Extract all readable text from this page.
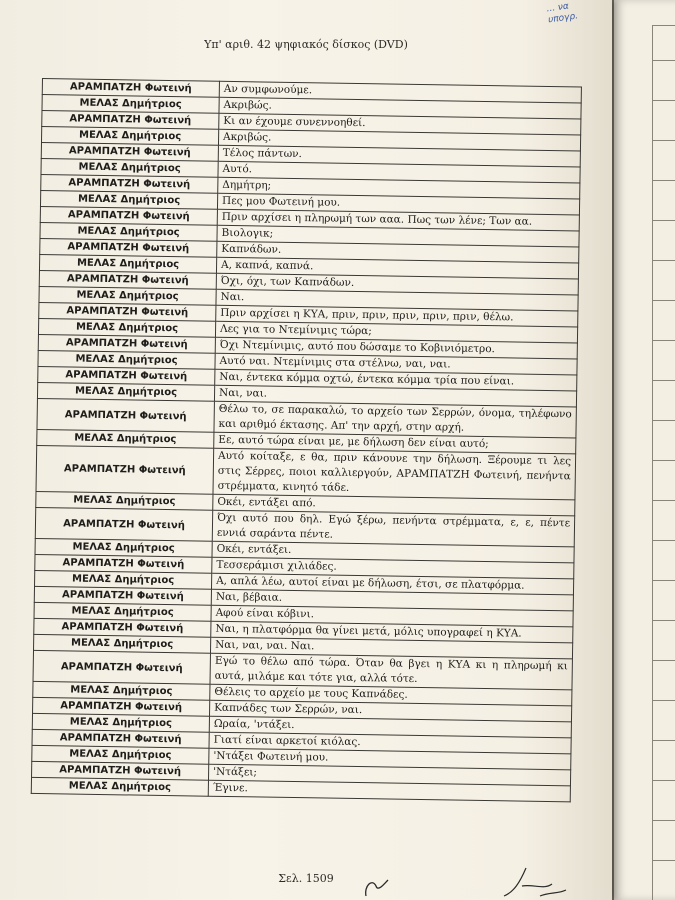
... να
υπογρ.
Υπ' αριθ. 42 ψηφιακός δίσκος (DVD)
ΑΡΑΜΠΑΤΖΗ Φωτεινή	Αν συμφωνούμε.
ΜΕΛΑΣ Δημήτριος	Ακριβώς.
ΑΡΑΜΠΑΤΖΗ Φωτεινή	Κι αν έχουμε συνεννοηθεί.
ΜΕΛΑΣ Δημήτριος	Ακριβώς.
ΑΡΑΜΠΑΤΖΗ Φωτεινή	Τέλος πάντων.
ΜΕΛΑΣ Δημήτριος	Αυτό.
ΑΡΑΜΠΑΤΖΗ Φωτεινή	Δημήτρη;
ΜΕΛΑΣ Δημήτριος	Πες μου Φωτεινή μου.
ΑΡΑΜΠΑΤΖΗ Φωτεινή	Πριν αρχίσει η πληρωμή των ααα. Πως των λένε; Των αα.
ΜΕΛΑΣ Δημήτριος	Βιολογικ;
ΑΡΑΜΠΑΤΖΗ Φωτεινή	Καπνάδων.
ΜΕΛΑΣ Δημήτριος	Α, καπνά, καπνά.
ΑΡΑΜΠΑΤΖΗ Φωτεινή	Όχι, όχι, των Καπνάδων.
ΜΕΛΑΣ Δημήτριος	Ναι.
ΑΡΑΜΠΑΤΖΗ Φωτεινή	Πριν αρχίσει η ΚΥΑ, πριν, πριν, πριν, πριν, πριν, θέλω.
ΜΕΛΑΣ Δημήτριος	Λες για το Ντεμίνιμις τώρα;
ΑΡΑΜΠΑΤΖΗ Φωτεινή	Όχι Ντεμίνιμις, αυτό που δώσαμε το Κοβινιόμετρο.
ΜΕΛΑΣ Δημήτριος	Αυτό ναι. Ντεμίνιμις στα στέλνω, ναι, ναι.
ΑΡΑΜΠΑΤΖΗ Φωτεινή	Ναι, έντεκα κόμμα οχτώ, έντεκα κόμμα τρία που είναι.
ΜΕΛΑΣ Δημήτριος	Ναι, ναι.
ΑΡΑΜΠΑΤΖΗ Φωτεινή	Θέλω το, σε παρακαλώ, το αρχείο των Σερρών, όνομα, τηλέφωνο και αριθμό έκτασης. Απ' την αρχή, στην αρχή.
ΜΕΛΑΣ Δημήτριος	Εε, αυτό τώρα είναι με, με δήλωση δεν είναι αυτό;
ΑΡΑΜΠΑΤΖΗ Φωτεινή	Αυτό κοίταξε, ε θα, πριν κάνουνε την δήλωση. Ξέρουμε τι λες στις Σέρρες, ποιοι καλλιεργούν, ΑΡΑΜΠΑΤΖΗ Φωτεινή, πενήντα στρέμματα, κινητό τάδε.
ΜΕΛΑΣ Δημήτριος	Οκέι, εντάξει από.
ΑΡΑΜΠΑΤΖΗ Φωτεινή	Όχι αυτό που δηλ. Εγώ ξέρω, πενήντα στρέμματα, ε, ε, πέντε εννιά σαράντα πέντε.
ΜΕΛΑΣ Δημήτριος	Οκέι, εντάξει.
ΑΡΑΜΠΑΤΖΗ Φωτεινή	Τεσσεράμισι χιλιάδες.
ΜΕΛΑΣ Δημήτριος	Α, απλά λέω, αυτοί είναι με δήλωση, έτσι, σε πλατφόρμα.
ΑΡΑΜΠΑΤΖΗ Φωτεινή	Ναι, βέβαια.
ΜΕΛΑΣ Δημήτριος	Αφού είναι κόβινι.
ΑΡΑΜΠΑΤΖΗ Φωτεινή	Ναι, η πλατφόρμα θα γίνει μετά, μόλις υπογραφεί η ΚΥΑ.
ΜΕΛΑΣ Δημήτριος	Ναι, ναι, ναι. Ναι.
ΑΡΑΜΠΑΤΖΗ Φωτεινή	Εγώ το θέλω από τώρα. Όταν θα βγει η ΚΥΑ κι η πληρωμή κι αυτά, μιλάμε και τότε για, αλλά τότε.
ΜΕΛΑΣ Δημήτριος	Θέλεις το αρχείο με τους Καπνάδες.
ΑΡΑΜΠΑΤΖΗ Φωτεινή	Καπνάδες των Σερρών, ναι.
ΜΕΛΑΣ Δημήτριος	Ωραία, 'ντάξει.
ΑΡΑΜΠΑΤΖΗ Φωτεινή	Γιατί είναι αρκετοί κιόλας.
ΜΕΛΑΣ Δημήτριος	'Ντάξει Φωτεινή μου.
ΑΡΑΜΠΑΤΖΗ Φωτεινή	'Ντάξει;
ΜΕΛΑΣ Δημήτριος	Έγινε.
Σελ. 1509
